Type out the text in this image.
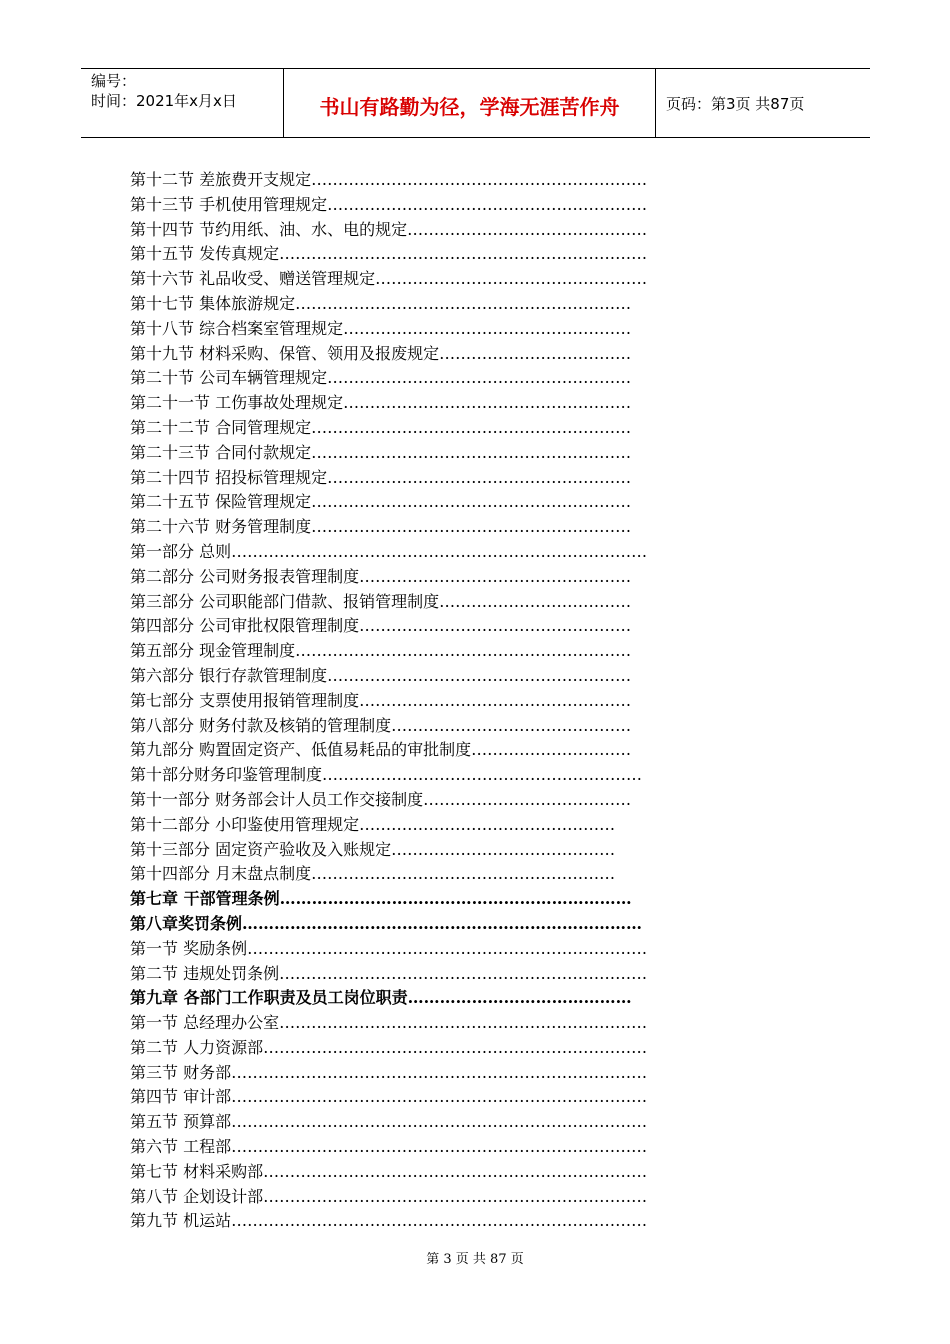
编号：
时间：2021年x月x日	书山有路勤为径，学海无涯苦作舟	页码：第3页 共87页
第十二节 差旅费开支规定………………………………………………………
第十三节 手机使用管理规定……………………………………………………
第十四节 节约用纸、油、水、电的规定………………………………………
第十五节 发传真规定……………………………………………………………
第十六节 礼品收受、赠送管理规定……………………………………………
第十七节 集体旅游规定………………………………………………………
第十八节 综合档案室管理规定………………………………………………
第十九节 材料采购、保管、领用及报废规定………………………………
第二十节 公司车辆管理规定…………………………………………………
第二十一节 工伤事故处理规定………………………………………………
第二十二节 合同管理规定……………………………………………………
第二十三节 合同付款规定……………………………………………………
第二十四节 招投标管理规定…………………………………………………
第二十五节 保险管理规定……………………………………………………
第二十六节 财务管理制度……………………………………………………
第一部分 总则……………………………………………………………………
第二部分 公司财务报表管理制度……………………………………………
第三部分 公司职能部门借款、报销管理制度………………………………
第四部分 公司审批权限管理制度……………………………………………
第五部分 现金管理制度………………………………………………………
第六部分 银行存款管理制度…………………………………………………
第七部分 支票使用报销管理制度……………………………………………
第八部分 财务付款及核销的管理制度………………………………………
第九部分 购置固定资产、低值易耗品的审批制度…………………………
第十部分财务印鉴管理制度……………………………………………………
第十一部分 财务部会计人员工作交接制度…………………………………
第十二部分 小印鉴使用管理规定…………………………………………
第十三部分 固定资产验收及入账规定……………………………………
第十四部分 月末盘点制度…………………………………………………
第七章 干部管理条例…………………………………………………………
第八章奖罚条例…………………………………………………………………
第一节 奖励条例…………………………………………………………………
第二节 违规处罚条例……………………………………………………………
第九章 各部门工作职责及员工岗位职责……………………………………
第一节 总经理办公室……………………………………………………………
第二节 人力资源部………………………………………………………………
第三节 财务部……………………………………………………………………
第四节 审计部……………………………………………………………………
第五节 预算部……………………………………………………………………
第六节 工程部……………………………………………………………………
第七节 材料采购部………………………………………………………………
第八节 企划设计部………………………………………………………………
第九节 机运站……………………………………………………………………
第 3 页 共 87 页
